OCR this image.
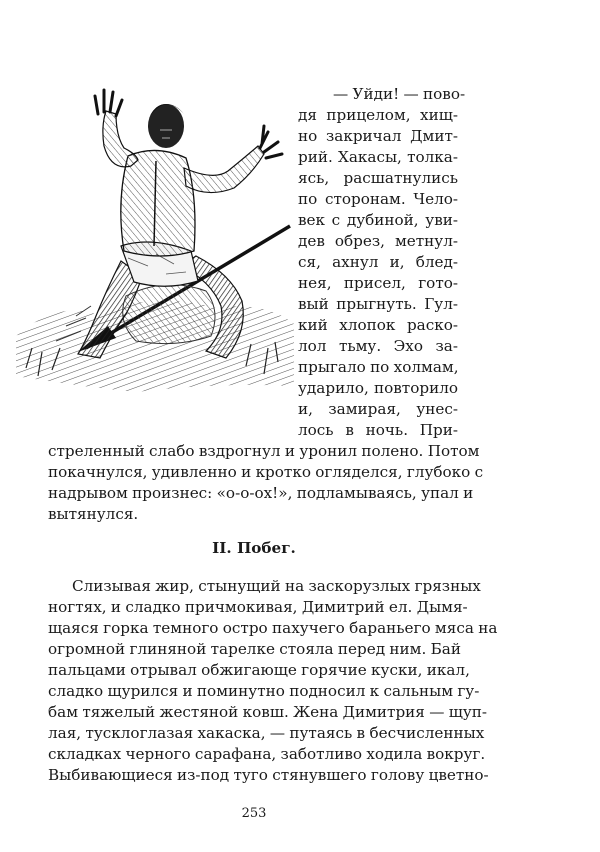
— Уйди! — пово-
дя прицелом, хищ-
но закричал Дмит-
рий. Хакасы, толка-
ясь, расшатнулись
по сторонам. Чело-
век с дубиной, уви-
дев обрез, метнул-
ся, ахнул и, блед-
нея, присел, гото-
вый прыгнуть. Гул-
кий хлопок раско-
лол тьму. Эхо за-
прыгало по холмам,
ударило, повторило
и, замирая, унес-
лось в ночь. При-
стреленный слабо вздрогнул и уронил полено. Потом
покачнулся, удивленно и кротко огляделся, глубоко с
надрывом произнес: «о-о-ох!», подламываясь, упал и
вытянулся.
II. Побег.
Слизывая жир, стынущий на заскорузлых грязных
ногтях, и сладко причмокивая, Димитрий ел. Дымя-
щаяся горка темного остро пахучего бараньего мяса на
огромной глиняной тарелке стояла перед ним. Бай
пальцами отрывал обжигающе горячие куски, икал,
сладко щурился и поминутно подносил к сальным гу-
бам тяжелый жестяной ковш. Жена Димитрия — щуп-
лая, тусклоглазая хакаска, — путаясь в бесчисленных
складках черного сарафана, заботливо ходила вокруг.
Выбивающиеся из-под туго стянувшего голову цветно-
253
